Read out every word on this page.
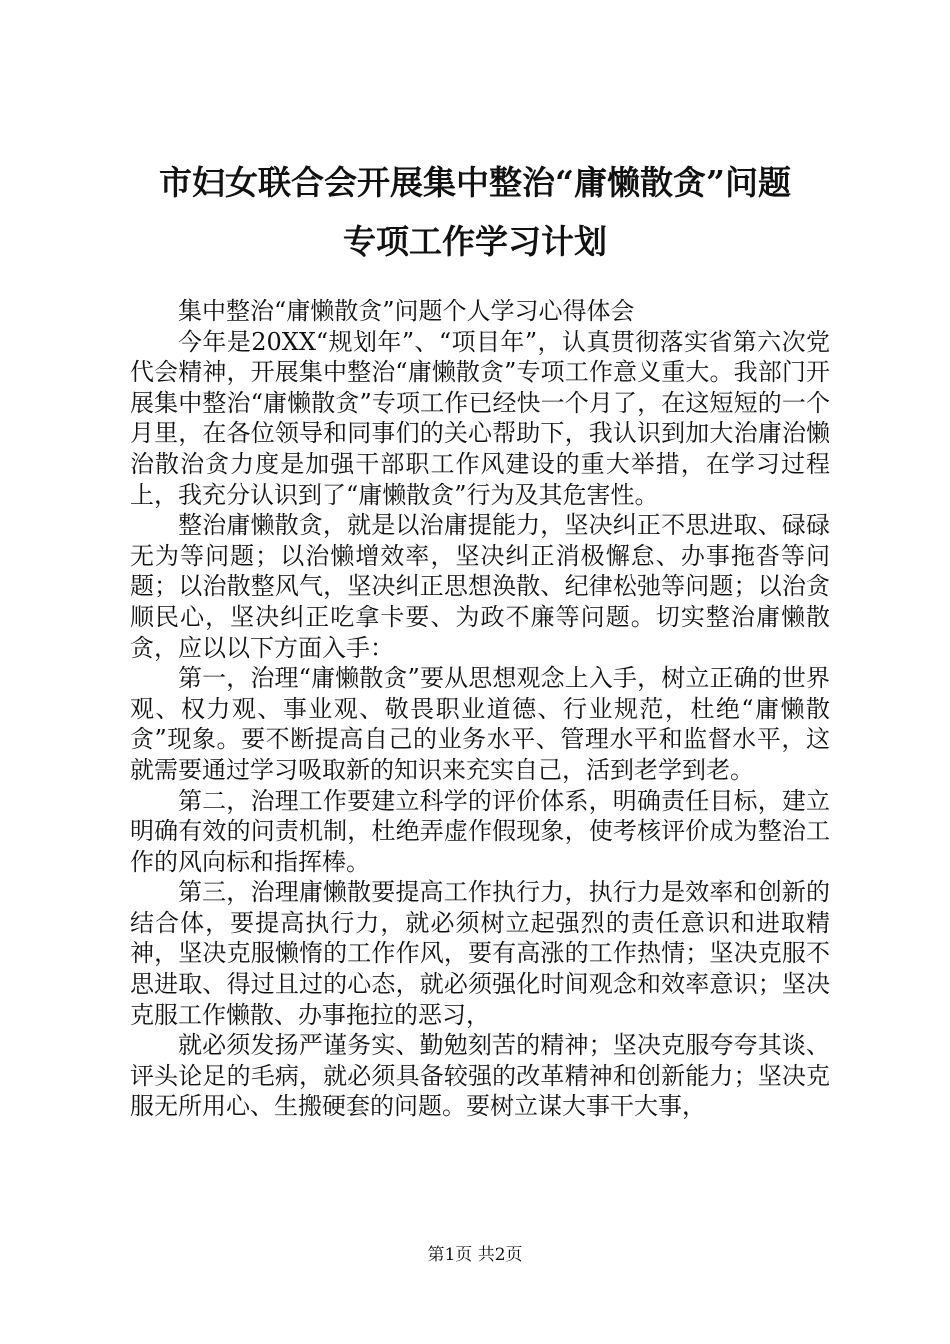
市妇女联合会开展集中整治“庸懒散贪”问题
专项工作学习计划

集中整治“庸懒散贪”问题个人学习心得体会

今年是20XX“规划年”、“项目年”，认真贯彻落实省第六次党代会精神，开展集中整治“庸懒散贪”专项工作意义重大。我部门开展集中整治“庸懒散贪”专项工作已经快一个月了，在这短短的一个月里，在各位领导和同事们的关心帮助下，我认识到加大治庸治懒治散治贪力度是加强干部职工作风建设的重大举措，在学习过程上，我充分认识到了“庸懒散贪”行为及其危害性。

整治庸懒散贪，就是以治庸提能力，坚决纠正不思进取、碌碌无为等问题；以治懒增效率，坚决纠正消极懈怠、办事拖沓等问题；以治散整风气，坚决纠正思想涣散、纪律松弛等问题；以治贪顺民心，坚决纠正吃拿卡要、为政不廉等问题。切实整治庸懒散贪，应以以下方面入手：

第一，治理“庸懒散贪”要从思想观念上入手，树立正确的世界观、权力观、事业观、敬畏职业道德、行业规范，杜绝“庸懒散贪”现象。要不断提高自己的业务水平、管理水平和监督水平，这就需要通过学习吸取新的知识来充实自己，活到老学到老。

第二，治理工作要建立科学的评价体系，明确责任目标，建立明确有效的问责机制，杜绝弄虚作假现象，使考核评价成为整治工作的风向标和指挥棒。

第三，治理庸懒散要提高工作执行力，执行力是效率和创新的结合体，要提高执行力，就必须树立起强烈的责任意识和进取精神，坚决克服懒惰的工作作风，要有高涨的工作热情；坚决克服不思进取、得过且过的心态，就必须强化时间观念和效率意识；坚决克服工作懒散、办事拖拉的恶习，

就必须发扬严谨务实、勤勉刻苦的精神；坚决克服夸夸其谈、评头论足的毛病，就必须具备较强的改革精神和创新能力；坚决克服无所用心、生搬硬套的问题。要树立谋大事干大事，

第1页 共2页
